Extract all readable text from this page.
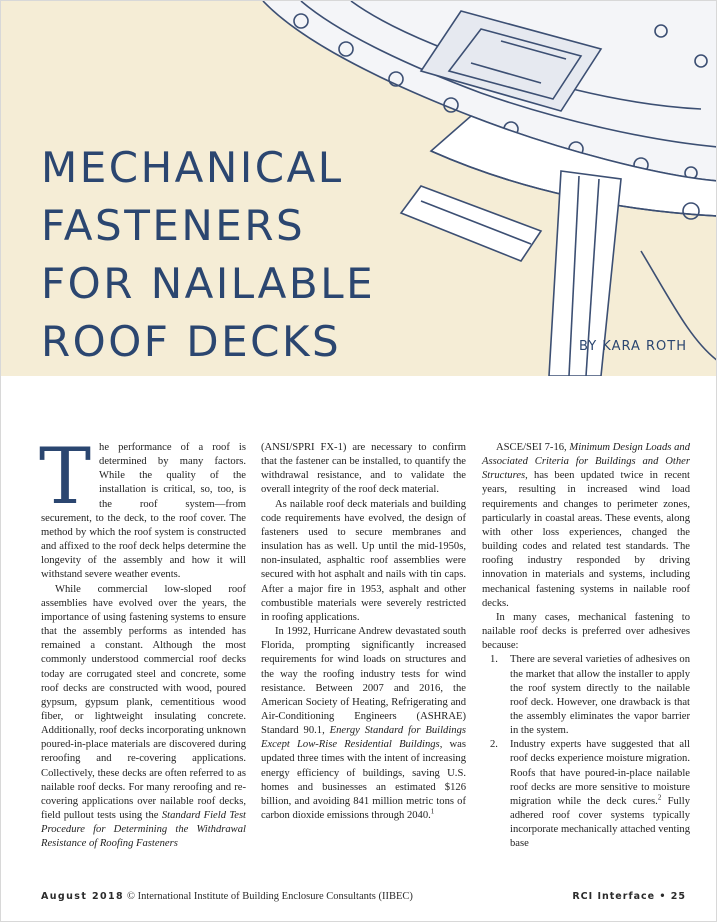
MECHANICAL
FASTENERS
FOR NAILABLE
ROOF DECKS	BY KARA ROTH

The performance of a roof is determined by many factors. While the quality of the installation is critical, so, too, is the roof system—from securement, to the deck, to the roof cover. The method by which the roof system is constructed and affixed to the roof deck helps determine the longevity of the assembly and how it will withstand severe weather events.

While commercial low-sloped roof assemblies have evolved over the years, the importance of using fastening systems to ensure that the assembly performs as intended has remained a constant. Although the most commonly understood commercial roof decks today are corrugated steel and concrete, some roof decks are constructed with wood, poured gypsum, gypsum plank, cementitious wood fiber, or lightweight insulating concrete. Additionally, roof decks incorporating unknown poured-in-place materials are discovered during reroofing and re-covering applications. Collectively, these decks are often referred to as nailable roof decks. For many reroofing and re-covering applications over nailable roof decks, field pullout tests using the Standard Field Test Procedure for Determining the Withdrawal Resistance of Roofing Fasteners

(ANSI/SPRI FX-1) are necessary to confirm that the fastener can be installed, to quantify the withdrawal resistance, and to validate the overall integrity of the roof deck material.

As nailable roof deck materials and building code requirements have evolved, the design of fasteners used to secure membranes and insulation has as well. Up until the mid-1950s, non-insulated, asphaltic roof assemblies were secured with hot asphalt and nails with tin caps. After a major fire in 1953, asphalt and other combustible materials were severely restricted in roofing applications.

In 1992, Hurricane Andrew devastated south Florida, prompting significantly increased requirements for wind loads on structures and the way the roofing industry tests for wind resistance. Between 2007 and 2016, the American Society of Heating, Refrigerating and Air-Conditioning Engineers (ASHRAE) Standard 90.1, Energy Standard for Buildings Except Low-Rise Residential Buildings, was updated three times with the intent of increasing energy efficiency of buildings, saving U.S. homes and businesses an estimated $126 billion, and avoiding 841 million metric tons of carbon dioxide emissions through 2040.$^1$

ASCE/SEI 7-16, Minimum Design Loads and Associated Criteria for Buildings and Other Structures, has been updated twice in recent years, resulting in increased wind load requirements and changes to perimeter zones, particularly in coastal areas. These events, along with other loss experiences, changed the building codes and related test standards. The roofing industry responded by driving innovation in materials and systems, including mechanical fastening systems in nailable roof decks.

In many cases, mechanical fastening to nailable roof decks is preferred over adhesives because:

1. There are several varieties of adhesives on the market that allow the installer to apply the roof system directly to the nailable roof deck. However, one drawback is that the assembly eliminates the vapor barrier in the system.
2. Industry experts have suggested that all roof decks experience moisture migration. Roofs that have poured-in-place nailable roof decks are more sensitive to moisture migration while the deck cures.$^2$ Fully adhered roof cover systems typically incorporate mechanically attached venting base
August 2018 © International Institute of Building Enclosure Consultants (IIBEC)	RCI Interface • 25
